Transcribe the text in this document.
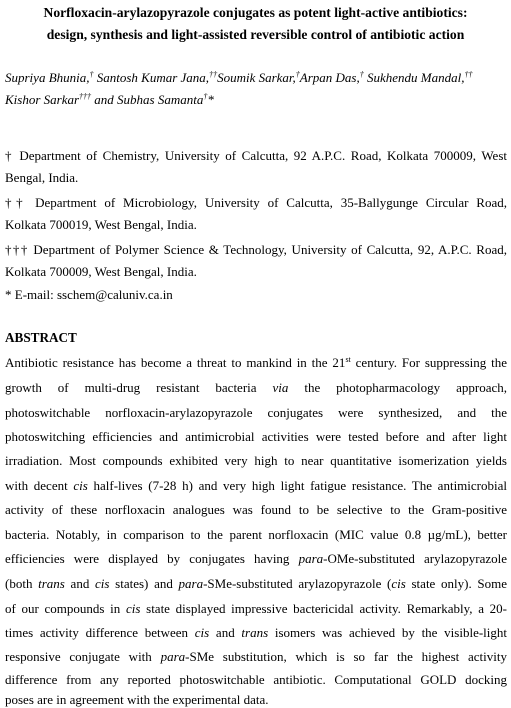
Norfloxacin-arylazopyrazole conjugates as potent light-active antibiotics:
design, synthesis and light-assisted reversible control of antibiotic action
Supriya Bhunia,† Santosh Kumar Jana,††Soumik Sarkar,†Arpan Das,† Sukhendu Mandal,††
Kishor Sarkar††† and Subhas Samanta†*
† Department of Chemistry, University of Calcutta, 92 A.P.C. Road, Kolkata 700009, West
Bengal, India.
†† Department of Microbiology, University of Calcutta, 35-Ballygunge Circular Road,
Kolkata 700019, West Bengal, India.
††† Department of Polymer Science & Technology, University of Calcutta, 92, A.P.C. Road,
Kolkata 700009, West Bengal, India.
* E-mail: sschem@caluniv.ca.in
ABSTRACT
Antibiotic resistance has become a threat to mankind in the 21st century. For suppressing the
growth of multi-drug resistant bacteria via the photopharmacology approach,
photoswitchable norfloxacin-arylazopyrazole conjugates were synthesized, and the
photoswitching efficiencies and antimicrobial activities were tested before and after light
irradiation. Most compounds exhibited very high to near quantitative isomerization yields
with decent cis half-lives (7-28 h) and very high light fatigue resistance. The antimicrobial
activity of these norfloxacin analogues was found to be selective to the Gram-positive
bacteria. Notably, in comparison to the parent norfloxacin (MIC value 0.8 µg/mL), better
efficiencies were displayed by conjugates having para-OMe-substituted arylazopyrazole
(both trans and cis states) and para-SMe-substituted arylazopyrazole (cis state only). Some
of our compounds in cis state displayed impressive bactericidal activity. Remarkably, a 20-
times activity difference between cis and trans isomers was achieved by the visible-light
responsive conjugate with para-SMe substitution, which is so far the highest activity
difference from any reported photoswitchable antibiotic. Computational GOLD docking
poses are in agreement with the experimental data.
